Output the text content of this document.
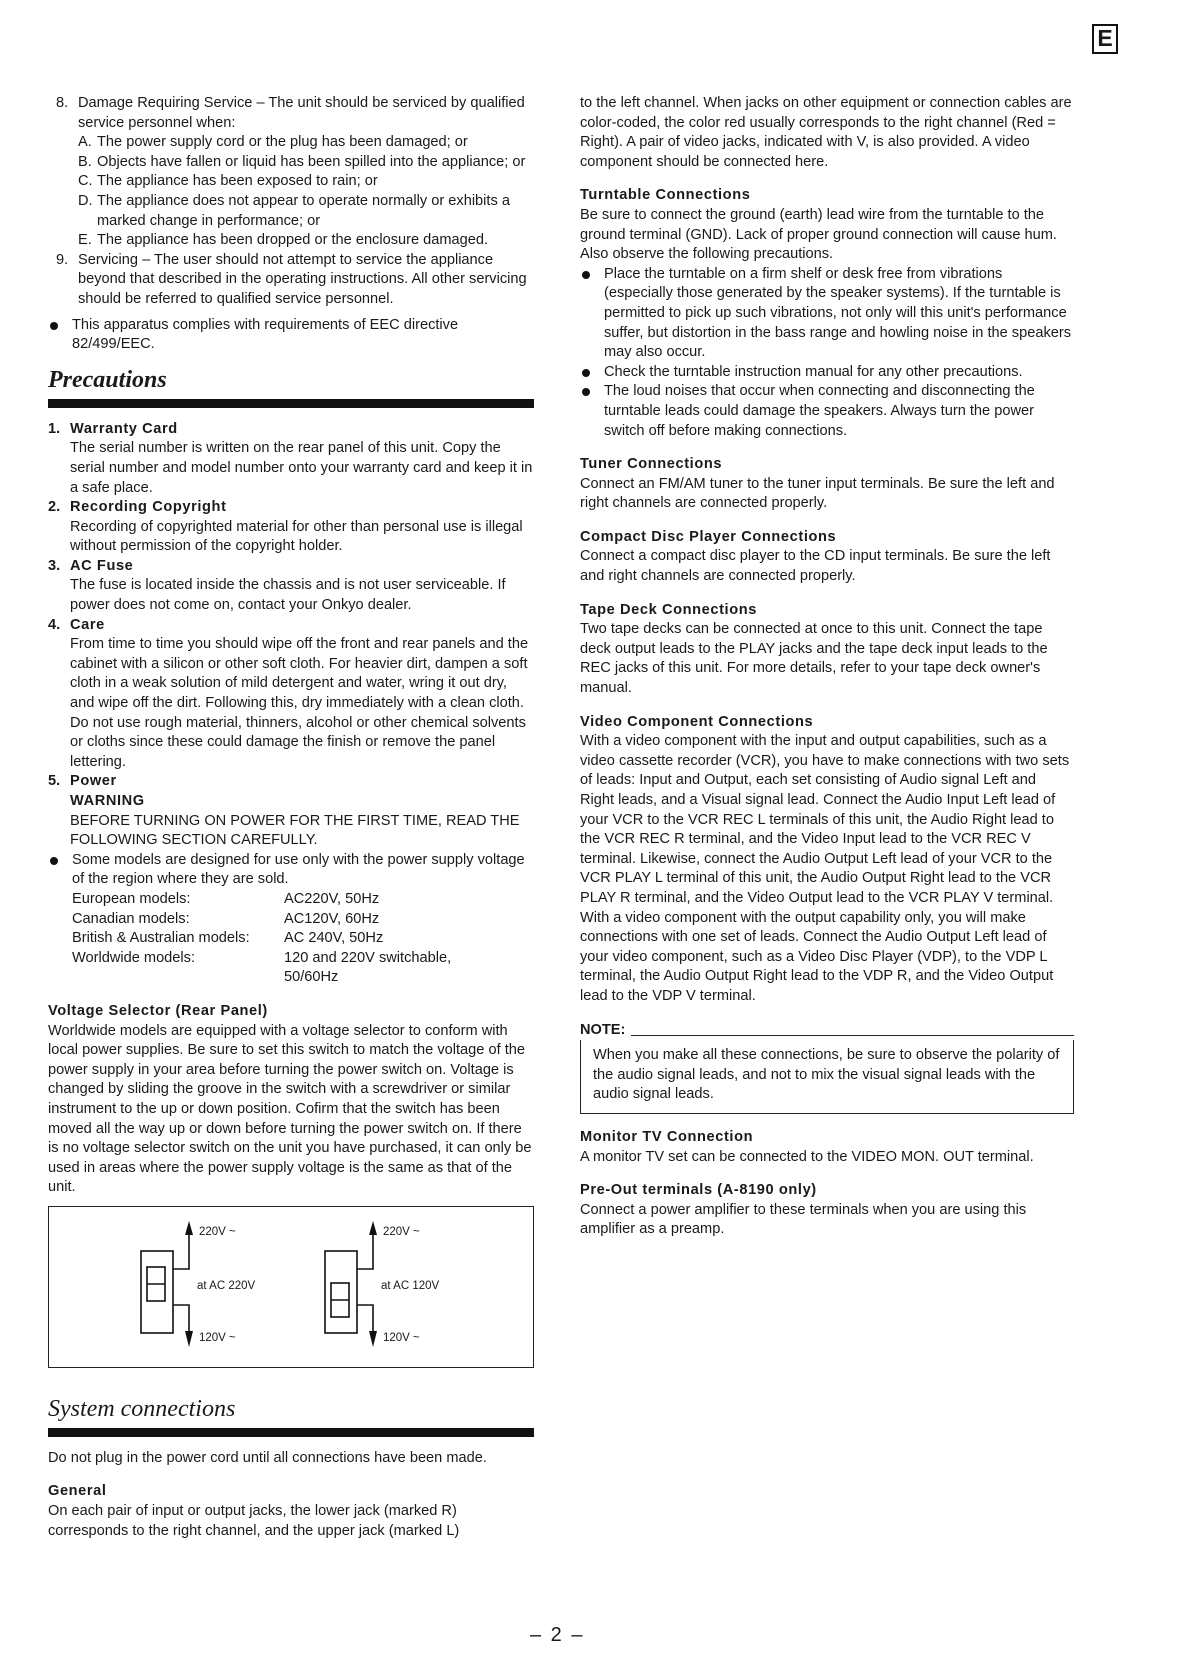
E
8. Damage Requiring Service – The unit should be serviced by qualified service personnel when:
A. The power supply cord or the plug has been damaged; or
B. Objects have fallen or liquid has been spilled into the appliance; or
C. The appliance has been exposed to rain; or
D. The appliance does not appear to operate normally or exhibits a marked change in performance; or
E. The appliance has been dropped or the enclosure damaged.
9. Servicing – The user should not attempt to service the appliance beyond that described in the operating instructions. All other servicing should be referred to qualified service personnel.

This apparatus complies with requirements of EEC directive 82/499/EEC.

Precautions
1. Warranty Card

The serial number is written on the rear panel of this unit. Copy the serial number and model number onto your warranty card and keep it in a safe place.

2. Recording Copyright

Recording of copyrighted material for other than personal use is illegal without permission of the copyright holder.

3. AC Fuse

The fuse is located inside the chassis and is not user serviceable. If power does not come on, contact your Onkyo dealer.

4. Care

From time to time you should wipe off the front and rear panels and the cabinet with a silicon or other soft cloth. For heavier dirt, dampen a soft cloth in a weak solution of mild detergent and water, wring it out dry, and wipe off the dirt. Following this, dry immediately with a clean cloth. Do not use rough material, thinners, alcohol or other chemical solvents or cloths since these could damage the finish or remove the panel lettering.

5. Power
WARNING

BEFORE TURNING ON POWER FOR THE FIRST TIME, READ THE FOLLOWING SECTION CAREFULLY.

Some models are designed for use only with the power supply voltage of the region where they are sold.

European models:	AC220V, 50Hz
Canadian models:	AC120V, 60Hz
British & Australian models:	AC 240V, 50Hz
Worldwide models:	120 and 220V switchable, 50/60Hz
Voltage Selector (Rear Panel)

Worldwide models are equipped with a voltage selector to conform with local power supplies. Be sure to set this switch to match the voltage of the power supply in your area before turning the power switch on. Voltage is changed by sliding the groove in the switch with a screwdriver or similar instrument to the up or down position. Cofirm that the switch has been moved all the way up or down before turning the power switch on. If there is no voltage selector switch on the unit you have purchased, it can only be used in areas where the power supply voltage is the same as that of the unit.

220V ~
at AC 220V
120V ~
220V ~
at AC 120V
120V ~
System connections

Do not plug in the power cord until all connections have been made.

General

On each pair of input or output jacks, the lower jack (marked R) corresponds to the right channel, and the upper jack (marked L)

to the left channel. When jacks on other equipment or connection cables are color-coded, the color red usually corresponds to the right channel (Red = Right). A pair of video jacks, indicated with V, is also provided. A video component should be connected here.

Turntable Connections

Be sure to connect the ground (earth) lead wire from the turntable to the ground terminal (GND). Lack of proper ground connection will cause hum. Also observe the following precautions.

Place the turntable on a firm shelf or desk free from vibrations (especially those generated by the speaker systems). If the turntable is permitted to pick up such vibrations, not only will this unit's performance suffer, but distortion in the bass range and howling noise in the speakers may also occur.

Check the turntable instruction manual for any other precautions.

The loud noises that occur when connecting and disconnecting the turntable leads could damage the speakers. Always turn the power switch off before making connections.

Tuner Connections

Connect an FM/AM tuner to the tuner input terminals. Be sure the left and right channels are connected properly.

Compact Disc Player Connections

Connect a compact disc player to the CD input terminals. Be sure the left and right channels are connected properly.

Tape Deck Connections

Two tape decks can be connected at once to this unit. Connect the tape deck output leads to the PLAY jacks and the tape deck input leads to the REC jacks of this unit. For more details, refer to your tape deck owner's manual.

Video Component Connections

With a video component with the input and output capabilities, such as a video cassette recorder (VCR), you have to make connections with two sets of leads: Input and Output, each set consisting of Audio signal Left and Right leads, and a Visual signal lead. Connect the Audio Input Left lead of your VCR to the VCR REC L terminals of this unit, the Audio Right lead to the VCR REC R terminal, and the Video Input lead to the VCR REC V terminal. Likewise, connect the Audio Output Left lead of your VCR to the VCR PLAY L terminal of this unit, the Audio Output Right lead to the VCR PLAY R terminal, and the Video Output lead to the VCR PLAY V terminal.

With a video component with the output capability only, you will make connections with one set of leads. Connect the Audio Output Left lead of your video component, such as a Video Disc Player (VDP), to the VDP L terminal, the Audio Output Right lead to the VDP R, and the Video Output lead to the VDP V terminal.

NOTE:

When you make all these connections, be sure to observe the polarity of the audio signal leads, and not to mix the visual signal leads with the audio signal leads.

Monitor TV Connection

A monitor TV set can be connected to the VIDEO MON. OUT terminal.

Pre-Out terminals (A-8190 only)

Connect a power amplifier to these terminals when you are using this amplifier as a preamp.

– 2 –
